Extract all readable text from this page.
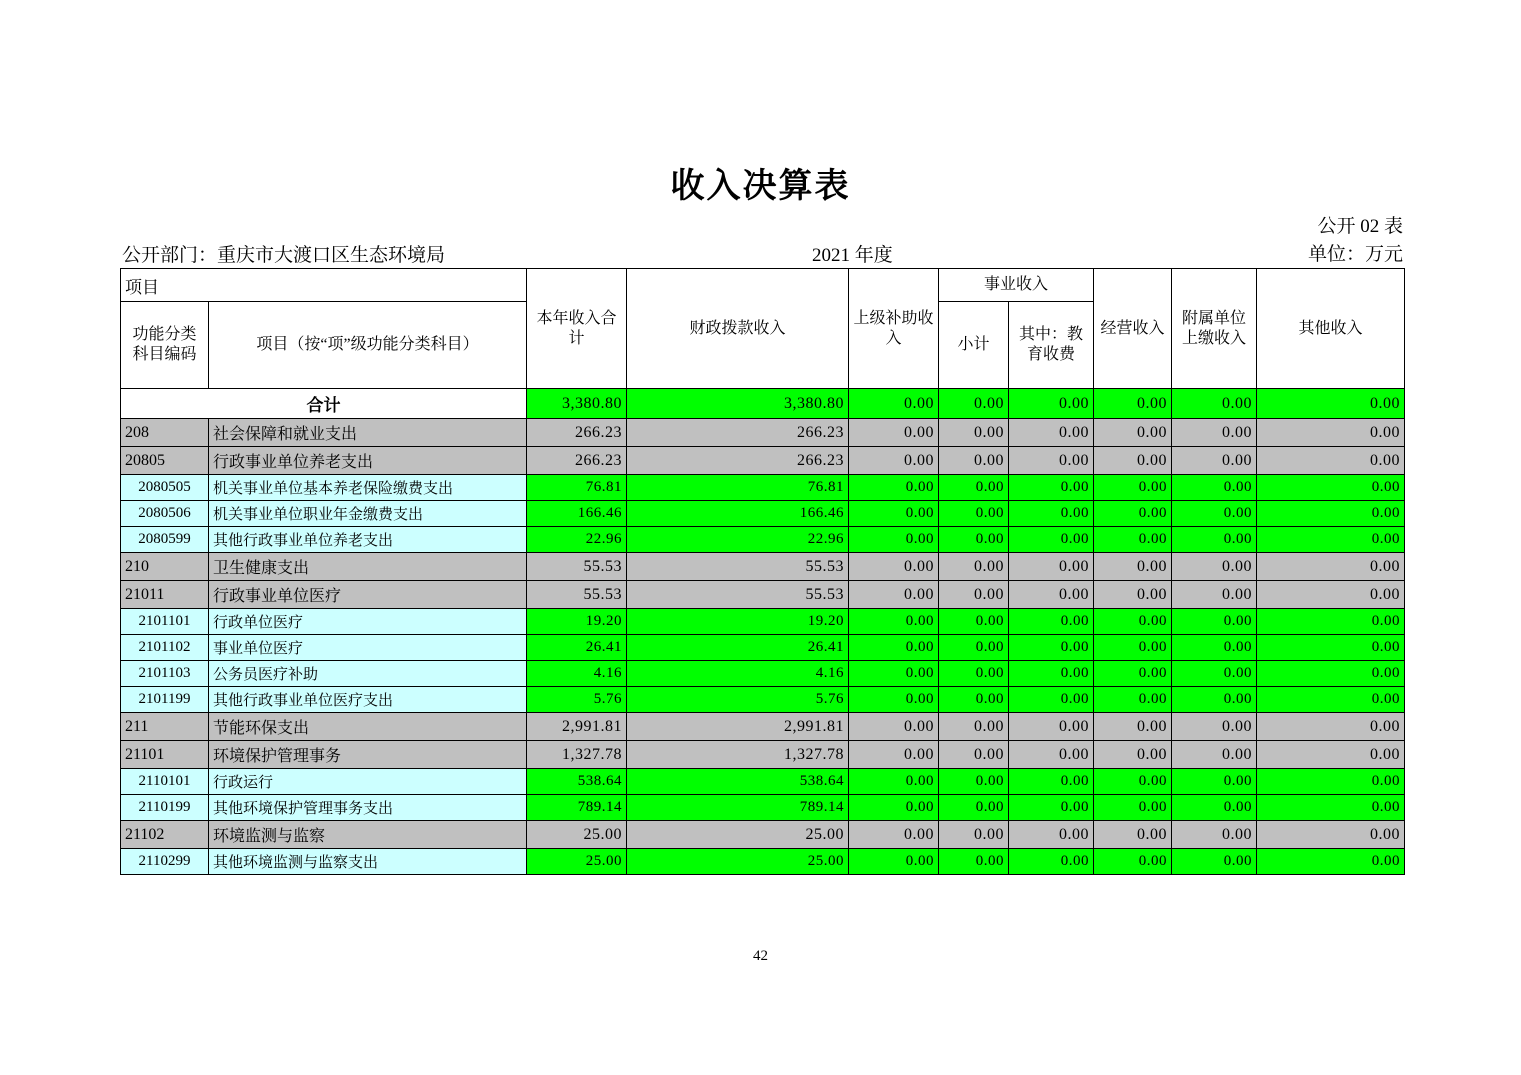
收入决算表
公开 02 表
单位：万元
公开部门：重庆市大渡口区生态环境局	2021 年度
项目		本年收入合计	财政拨款收入	上级补助收入	事业收入		经营收入	附属单位上缴收入	其他收入
功能分类科目编码	项目（按“项”级功能分类科目）				小计	其中：教育收费			
合计		3,380.80	3,380.80	0.00	0.00	0.00	0.00	0.00	0.00
208	社会保障和就业支出	266.23	266.23	0.00	0.00	0.00	0.00	0.00	0.00
20805	行政事业单位养老支出	266.23	266.23	0.00	0.00	0.00	0.00	0.00	0.00
2080505	机关事业单位基本养老保险缴费支出	76.81	76.81	0.00	0.00	0.00	0.00	0.00	0.00
2080506	机关事业单位职业年金缴费支出	166.46	166.46	0.00	0.00	0.00	0.00	0.00	0.00
2080599	其他行政事业单位养老支出	22.96	22.96	0.00	0.00	0.00	0.00	0.00	0.00
210	卫生健康支出	55.53	55.53	0.00	0.00	0.00	0.00	0.00	0.00
21011	行政事业单位医疗	55.53	55.53	0.00	0.00	0.00	0.00	0.00	0.00
2101101	行政单位医疗	19.20	19.20	0.00	0.00	0.00	0.00	0.00	0.00
2101102	事业单位医疗	26.41	26.41	0.00	0.00	0.00	0.00	0.00	0.00
2101103	公务员医疗补助	4.16	4.16	0.00	0.00	0.00	0.00	0.00	0.00
2101199	其他行政事业单位医疗支出	5.76	5.76	0.00	0.00	0.00	0.00	0.00	0.00
211	节能环保支出	2,991.81	2,991.81	0.00	0.00	0.00	0.00	0.00	0.00
21101	环境保护管理事务	1,327.78	1,327.78	0.00	0.00	0.00	0.00	0.00	0.00
2110101	行政运行	538.64	538.64	0.00	0.00	0.00	0.00	0.00	0.00
2110199	其他环境保护管理事务支出	789.14	789.14	0.00	0.00	0.00	0.00	0.00	0.00
21102	环境监测与监察	25.00	25.00	0.00	0.00	0.00	0.00	0.00	0.00
2110299	其他环境监测与监察支出	25.00	25.00	0.00	0.00	0.00	0.00	0.00	0.00
42
